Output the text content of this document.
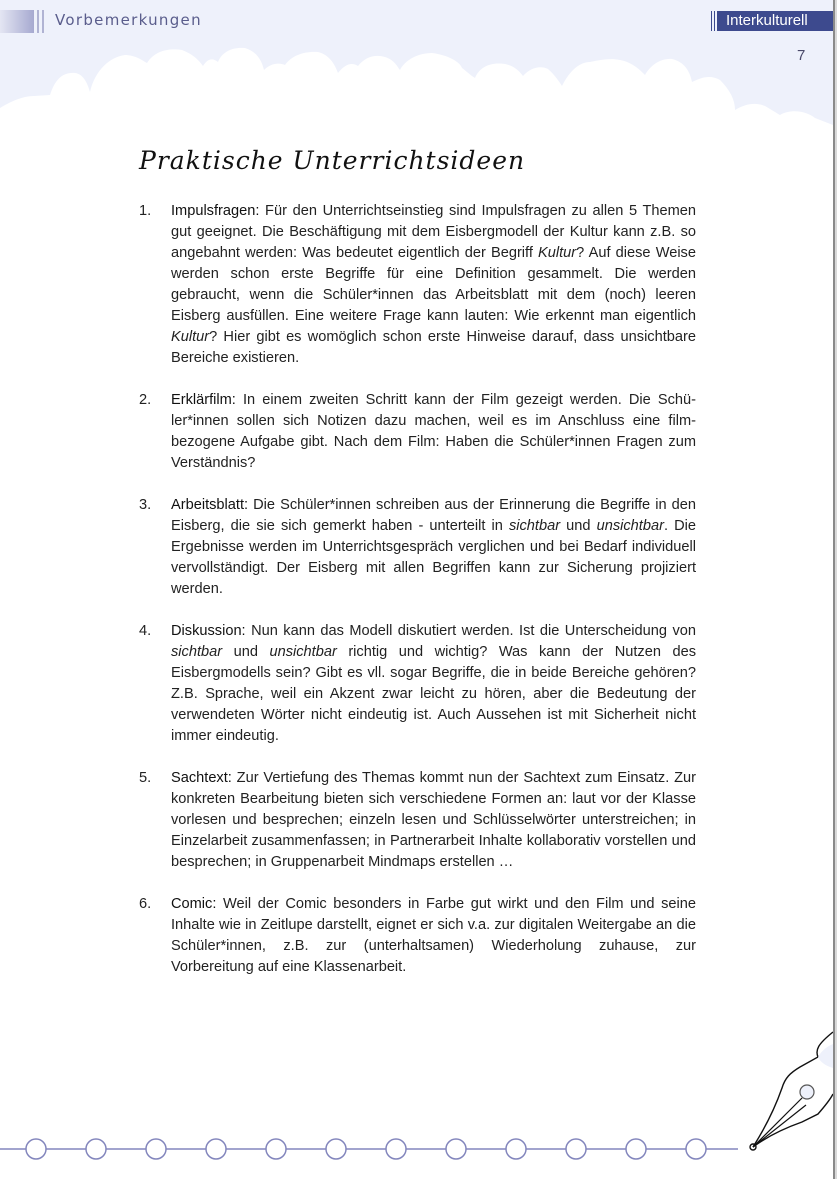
Vorbemerkungen	Interkulturell
7
Praktische Unterrichtsideen
1. Impulsfragen: Für den Unterrichtseinstieg sind Impulsfragen zu allen 5 Themen gut geeignet. Die Beschäftigung mit dem Eisbergmodell der Kultur kann z.B. so angebahnt werden: Was bedeutet eigentlich der Begriff Kultur? Auf diese Weise werden schon erste Begriffe für eine Definition gesammelt. Die werden gebraucht, wenn die Schüler*innen das Arbeitsblatt mit dem (noch) leeren Eisberg ausfüllen. Eine weitere Frage kann lauten: Wie erkennt man eigentlich Kultur? Hier gibt es womöglich schon erste Hinweise darauf, dass unsichtbare Bereiche existieren.
2. Erklärfilm: In einem zweiten Schritt kann der Film gezeigt werden. Die Schüler*innen sollen sich Notizen dazu machen, weil es im Anschluss eine filmbezogene Aufgabe gibt. Nach dem Film: Haben die Schüler*innen Fragen zum Verständnis?
3. Arbeitsblatt: Die Schüler*innen schreiben aus der Erinnerung die Begriffe in den Eisberg, die sie sich gemerkt haben - unterteilt in sichtbar und unsichtbar. Die Ergebnisse werden im Unterrichtsgespräch verglichen und bei Bedarf individuell vervollständigt. Der Eisberg mit allen Begriffen kann zur Sicherung projiziert werden.
4. Diskussion: Nun kann das Modell diskutiert werden. Ist die Unterscheidung von sichtbar und unsichtbar richtig und wichtig? Was kann der Nutzen des Eisbergmodells sein? Gibt es vll. sogar Begriffe, die in beide Bereiche gehören? Z.B. Sprache, weil ein Akzent zwar leicht zu hören, aber die Bedeutung der verwendeten Wörter nicht eindeutig ist. Auch Aussehen ist mit Sicherheit nicht immer eindeutig.
5. Sachtext: Zur Vertiefung des Themas kommt nun der Sachtext zum Einsatz. Zur konkreten Bearbeitung bieten sich verschiedene Formen an: laut vor der Klasse vorlesen und besprechen; einzeln lesen und Schlüsselwörter unterstreichen; in Einzelarbeit zusammenfassen; in Partnerarbeit Inhalte kollaborativ vorstellen und besprechen; in Gruppenarbeit Mindmaps erstellen …
6. Comic: Weil der Comic besonders in Farbe gut wirkt und den Film und seine Inhalte wie in Zeitlupe darstellt, eignet er sich v.a. zur digitalen Weitergabe an die Schüler*innen, z.B. zur (unterhaltsamen) Wiederholung zuhause, zur Vorbereitung auf eine Klassenarbeit.
